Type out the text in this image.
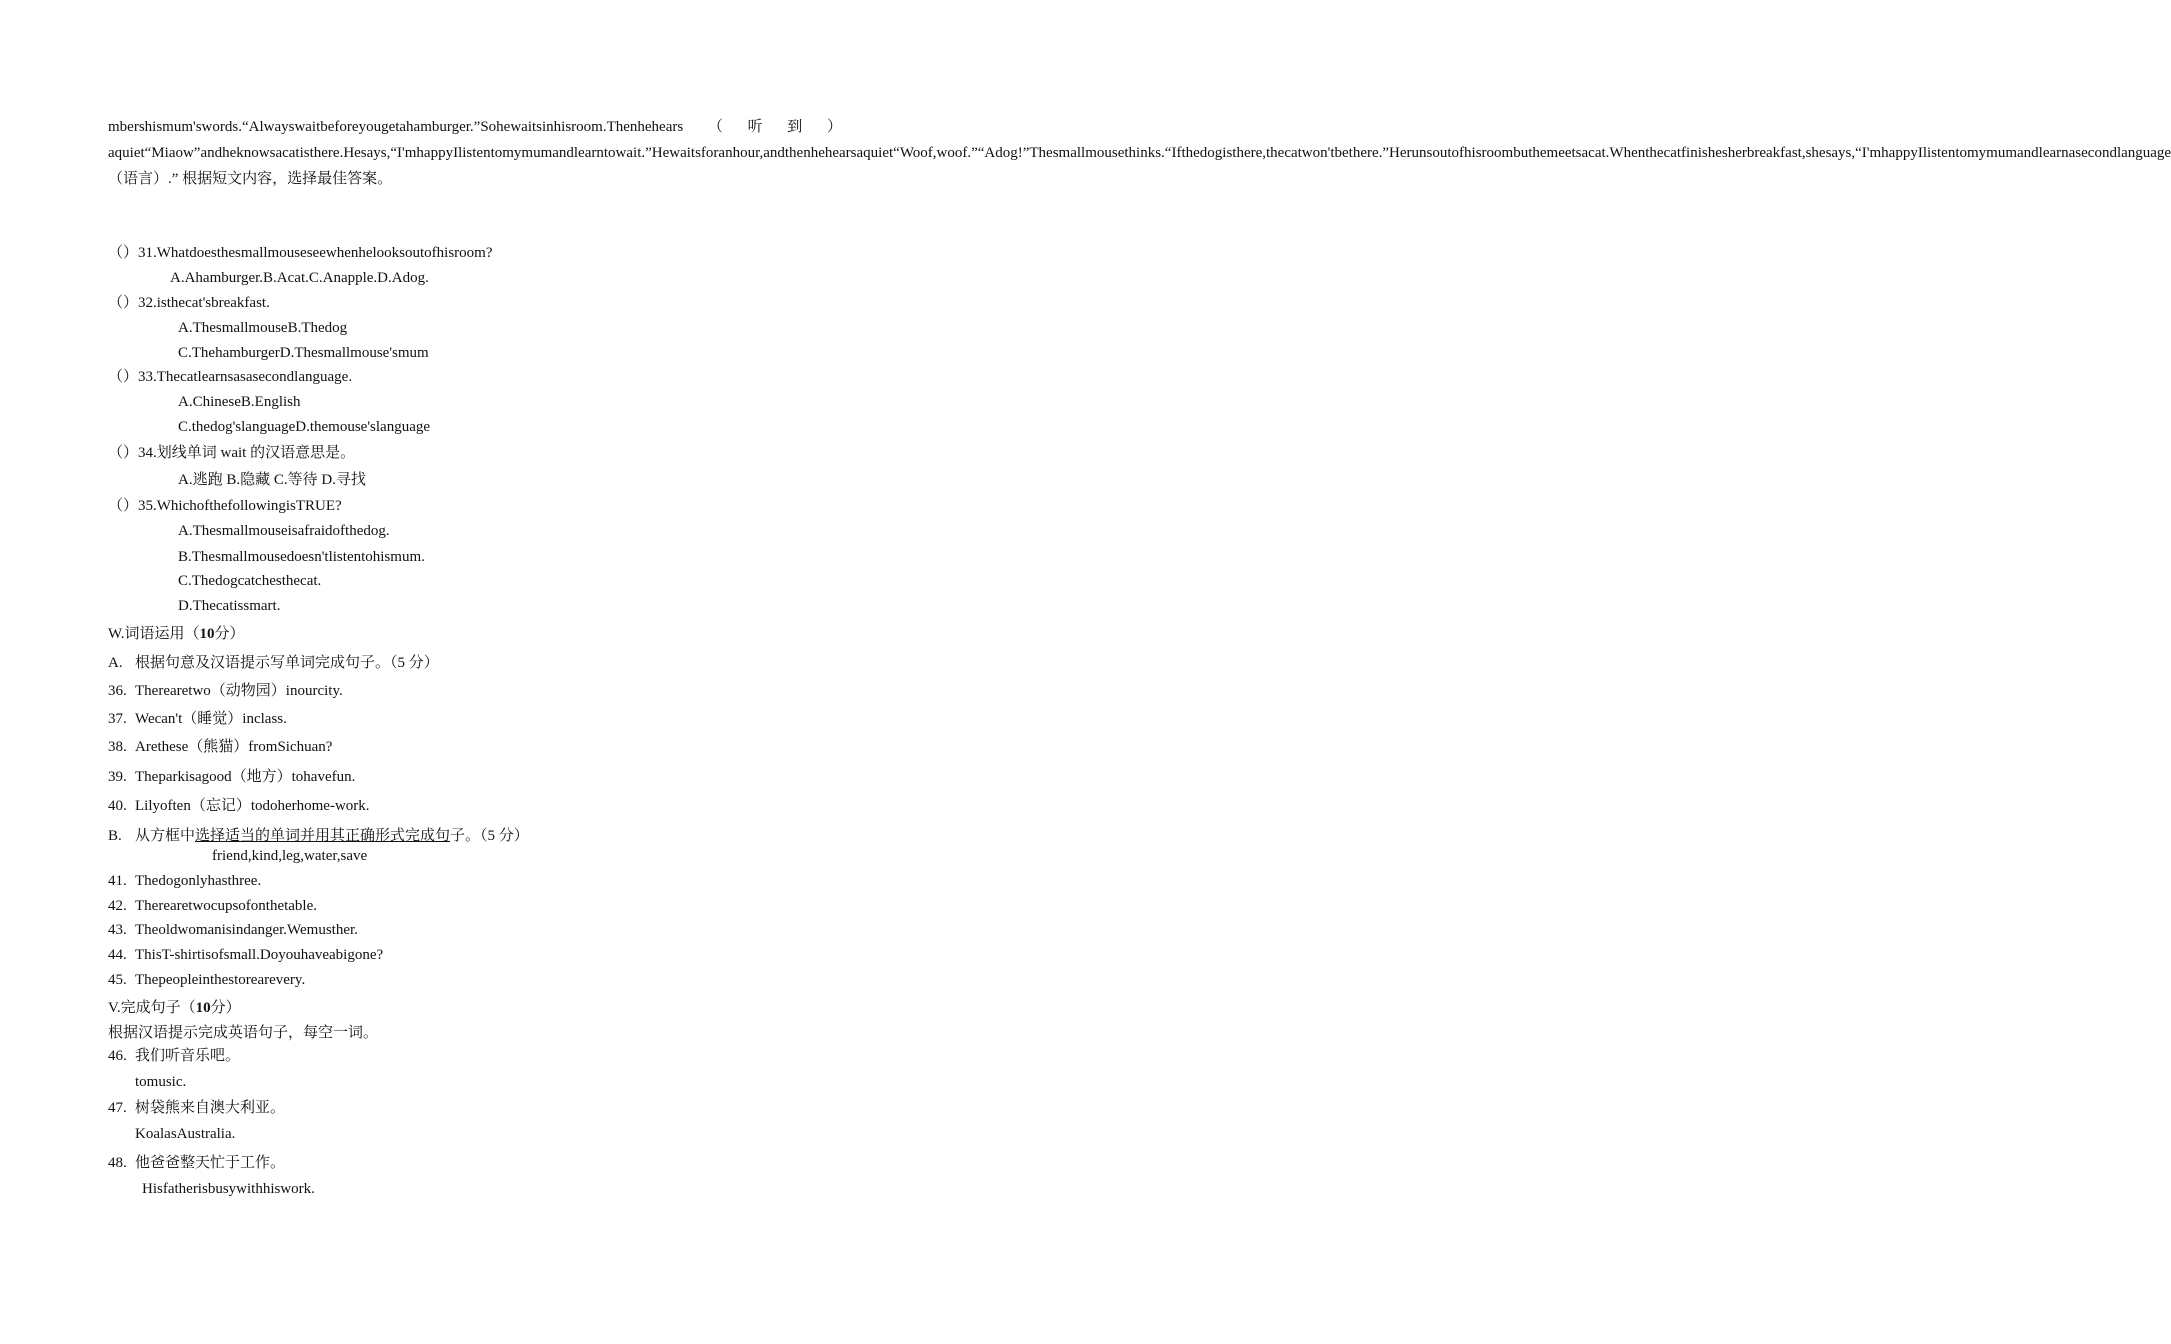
mbershismum'swords.“Alwayswaitbeforeyougetahamburger.”Sohewaitsinhisroom.Thenhehears（听到）aquiet“Miaow”andheknowsacatisthere.Hesays,“I'mhappyIlistentomymumandlearntowait.”Hewaitsforanhour,andthenhehearsaquiet“Woof,woof.”“Adog!”Thesmallmousethinks.“Ifthedogisthere,thecatwon'tbethere.”Herunsoutofhisroombuthemeetsacat.Whenthecatfinishesherbreakfast,shesays,“I'mhappyIlistentomymumandlearnasecondlanguage（语言）.” 根据短文内容，选择最佳答案。
（）31.Whatdoesthesmallmouseseewhenhelooksoutofhisroom?
A.Ahamburger.B.Acat.C.Anapple.D.Adog.
（）32.isthecat'sbreakfast.
A.ThesmallmouseB.Thedog
C.ThehamburgerD.Thesmallmouse'smum
（）33.Thecatlearnsasasecondlanguage.
A.ChineseB.English
C.thedog'slanguageD.themouse'slanguage
（）34.划线单词 wait 的汉语意思是。
A.逃跑 B.隐藏 C.等待 D.寻找
（）35.WhichofthefollowingisTRUE?
A.Thesmallmouseisafraidofthedog.
B.Thesmallmousedoesn'tlistentohismum.
C.Thedogcatchesthecat.
D.Thecatissmart.
W.词语运用（10分）
A. 根据句意及汉语提示写单词完成句子。（5 分）
36. Therearetwo（动物园）inourcity.
37. Wecan't（睡觉）inclass.
38. Arethese（熊猫）fromSichuan?
39. Theparkisagood（地方）tohavefun.
40. Lilyoften（忘记）todoherhome-work.
B. 从方框中选择适当的单词并用其正确形式完成句子。（5 分）
friend,kind,leg,water,save
41. Thedogonlyhasthree.
42. Therearetwocupsofonthetable.
43. Theoldwomanisindanger.Wemusther.
44. ThisT-shirtisofsmall.Doyouhaveabigone?
45. Thepeopleinthestorearevery.
V.完成句子（10分）
根据汉语提示完成英语句子，每空一词。
46. 我们听音乐吧。
tomusic.
47. 树袋熊来自澳大利亚。
KoalasAustralia.
48. 他爸爸整天忙于工作。
Hisfatherisbusywithhiswork.
